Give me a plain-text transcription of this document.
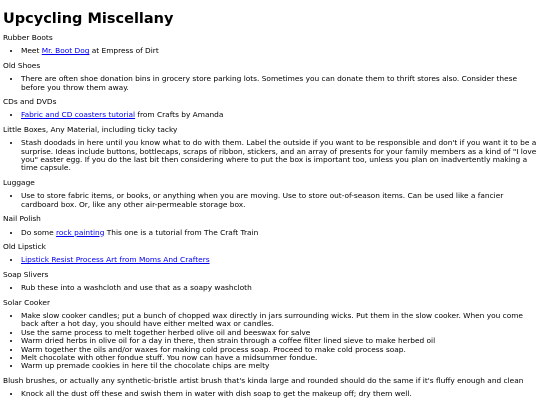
Upcycling Miscellany
Rubber Boots
• Meet Mr. Boot Dog at Empress of Dirt
Old Shoes
• There are often shoe donation bins in grocery store parking lots. Sometimes you can donate them to thrift stores also. Consider these before you throw them away.
CDs and DVDs
• Fabric and CD coasters tutorial from Crafts by Amanda
Little Boxes, Any Material, including ticky tacky
• Stash doodads in here until you know what to do with them. Label the outside if you want to be responsible and don't if you want it to be a surprise. Ideas include buttons, bottlecaps, scraps of ribbon, stickers, and an array of presents for your family members as a kind of "I love you" easter egg. If you do the last bit then considering where to put the box is important too, unless you plan on inadvertently making a time capsule.
Luggage
• Use to store fabric items, or books, or anything when you are moving. Use to store out-of-season items. Can be used like a fancier cardboard box. Or, like any other air-permeable storage box.
Nail Polish
• Do some rock painting This one is a tutorial from The Craft Train
Old Lipstick
• Lipstick Resist Process Art from Moms And Crafters
Soap Slivers
• Rub these into a washcloth and use that as a soapy washcloth
Solar Cooker
• Make slow cooker candles; put a bunch of chopped wax directly in jars surrounding wicks. Put them in the slow cooker. When you come back after a hot day, you should have either melted wax or candles.
• Use the same process to melt together herbed olive oil and beeswax for salve
• Warm dried herbs in olive oil for a day in there, then strain through a coffee filter lined sieve to make herbed oil
• Warm together the oils and/or waxes for making cold process soap. Proceed to make cold process soap.
• Melt chocolate with other fondue stuff. You now can have a midsummer fondue.
• Warm up premade cookies in here til the chocolate chips are melty
Blush brushes, or actually any synthetic-bristle artist brush that's kinda large and rounded should do the same if it's fluffy enough and clean
• Knock all the dust off these and swish them in water with dish soap to get the makeup off; dry them well.
